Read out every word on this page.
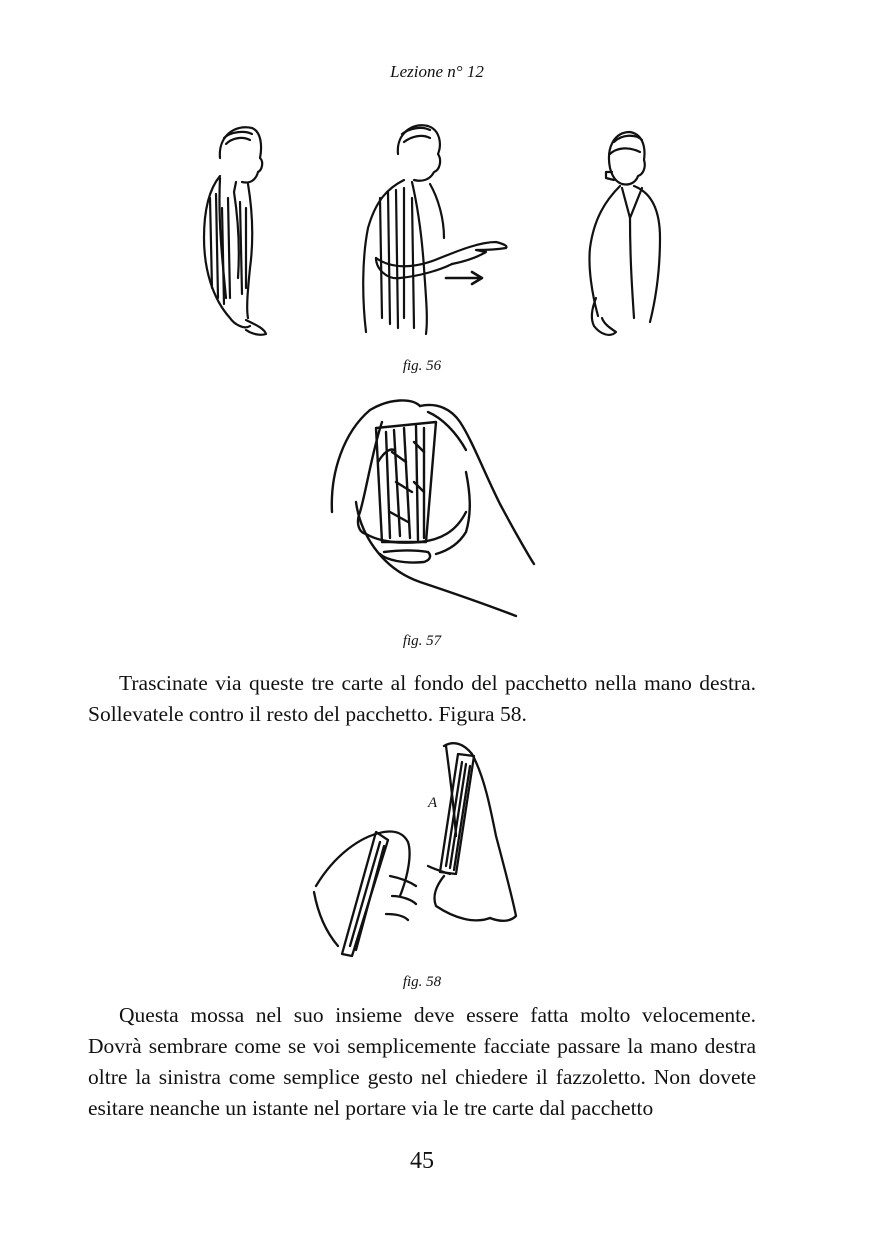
Lezione n° 12
fig. 56
fig. 57

Trascinate via queste tre carte al fondo del pacchetto nella mano destra. Sollevatele contro il resto del pacchetto. Figura 58.

A
fig. 58

Questa mossa nel suo insieme deve essere fatta molto velocemente. Dovrà sembrare come se voi semplicemente facciate passare la mano destra oltre la sinistra come semplice gesto nel chiedere il fazzoletto. Non dovete esitare neanche un istante nel portare via le tre carte dal pacchetto

45
